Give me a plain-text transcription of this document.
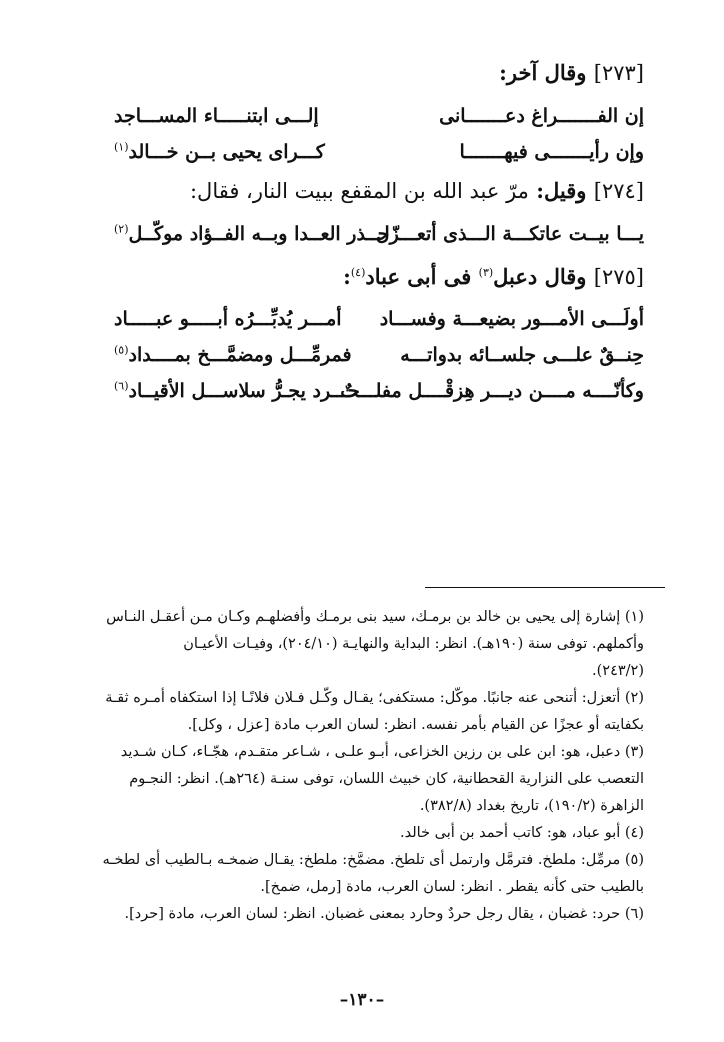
[٢٧٣] وقال آخر:
إن الفـــــــراغ دعـــــــانى
إلـــى ابتنـــــاء المســـاجد
وإن رأيـــــــى فيهـــــــا
كـــراى يحيى بــن خـــالد$^{(١)}$
[٢٧٤] وقيل: مرّ عبد الله بن المقفع ببيت النار، فقال:
يـــا بيــت عاتكـــة الـــذى أتعـــزّل
حــذر العــدا وبــه الفــؤاد موكّــل$^{(٢)}$
[٢٧٥] وقال دعبل$^{(٣)}$ فى أبى عباد$^{(٤)}$:
أولَـــى الأمـــور بضيعـــة وفســـاد
أمـــر يُدبِّـــرُه أبـــــو عبـــــاد
حِنــقٌ علـــى جلســائه بدواتـــه
فمرمِّـــل ومضمَّـــخ بمــــداد$^{(٥)}$
وكأنّــــه مــــن ديـــر هِزقْــــل مفلـــتٌ
حـــرد يجـرُّ سلاســـل الأقيــاد$^{(٦)}$
(١) إشارة إلى يحيى بن خالد بن برمـك، سيد بنى برمـك وأفضلهـم وكـان مـن أعقـل النـاس
وأكملهم. توفى سنة (١٩٠هـ). انظر: البداية والنهايـة (٢٠٤/١٠)، وفيـات الأعيـان
(٢٤٣/٢).
(٢) أتعزل: أتنحى عنه جانبًا. موكّل: مستكفى؛ يقـال وكّـل فـلان فلانًـا إذا استكفاه أمـره ثقـة
بكفايته أو عجزًا عن القيام بأمر نفسه. انظر: لسان العرب مادة [عزل ، وكل].
(٣) دعبل، هو: ابن على بن رزين الخزاعى، أبـو علـى ، شـاعر متقـدم، هجّـاء، كـان شـديد
التعصب على النزارية القحطانية، كان خبيث اللسان، توفى سنـة (٢٦٤هـ). انظر: النجـوم
الزاهرة (١٩٠/٢)، تاريخ بغداد (٣٨٢/٨).
(٤) أبو عباد، هو: كاتب أحمد بن أبى خالد.
(٥) مرمِّل: ملطخ. فترمَّل وارتمل أى تلطخ. مضمَّخ: ملطخ: يقـال ضمخـه بـالطيب أى لطخـه
بالطيب حتى كأنه يقطر . انظر: لسان العرب، مادة [رمل، ضمخ].
(٦) حرد: غضبان ، يقال رجل حردٌ وحارد بمعنى غضبان. انظر: لسان العرب، مادة [حرد].
–١٣٠–
